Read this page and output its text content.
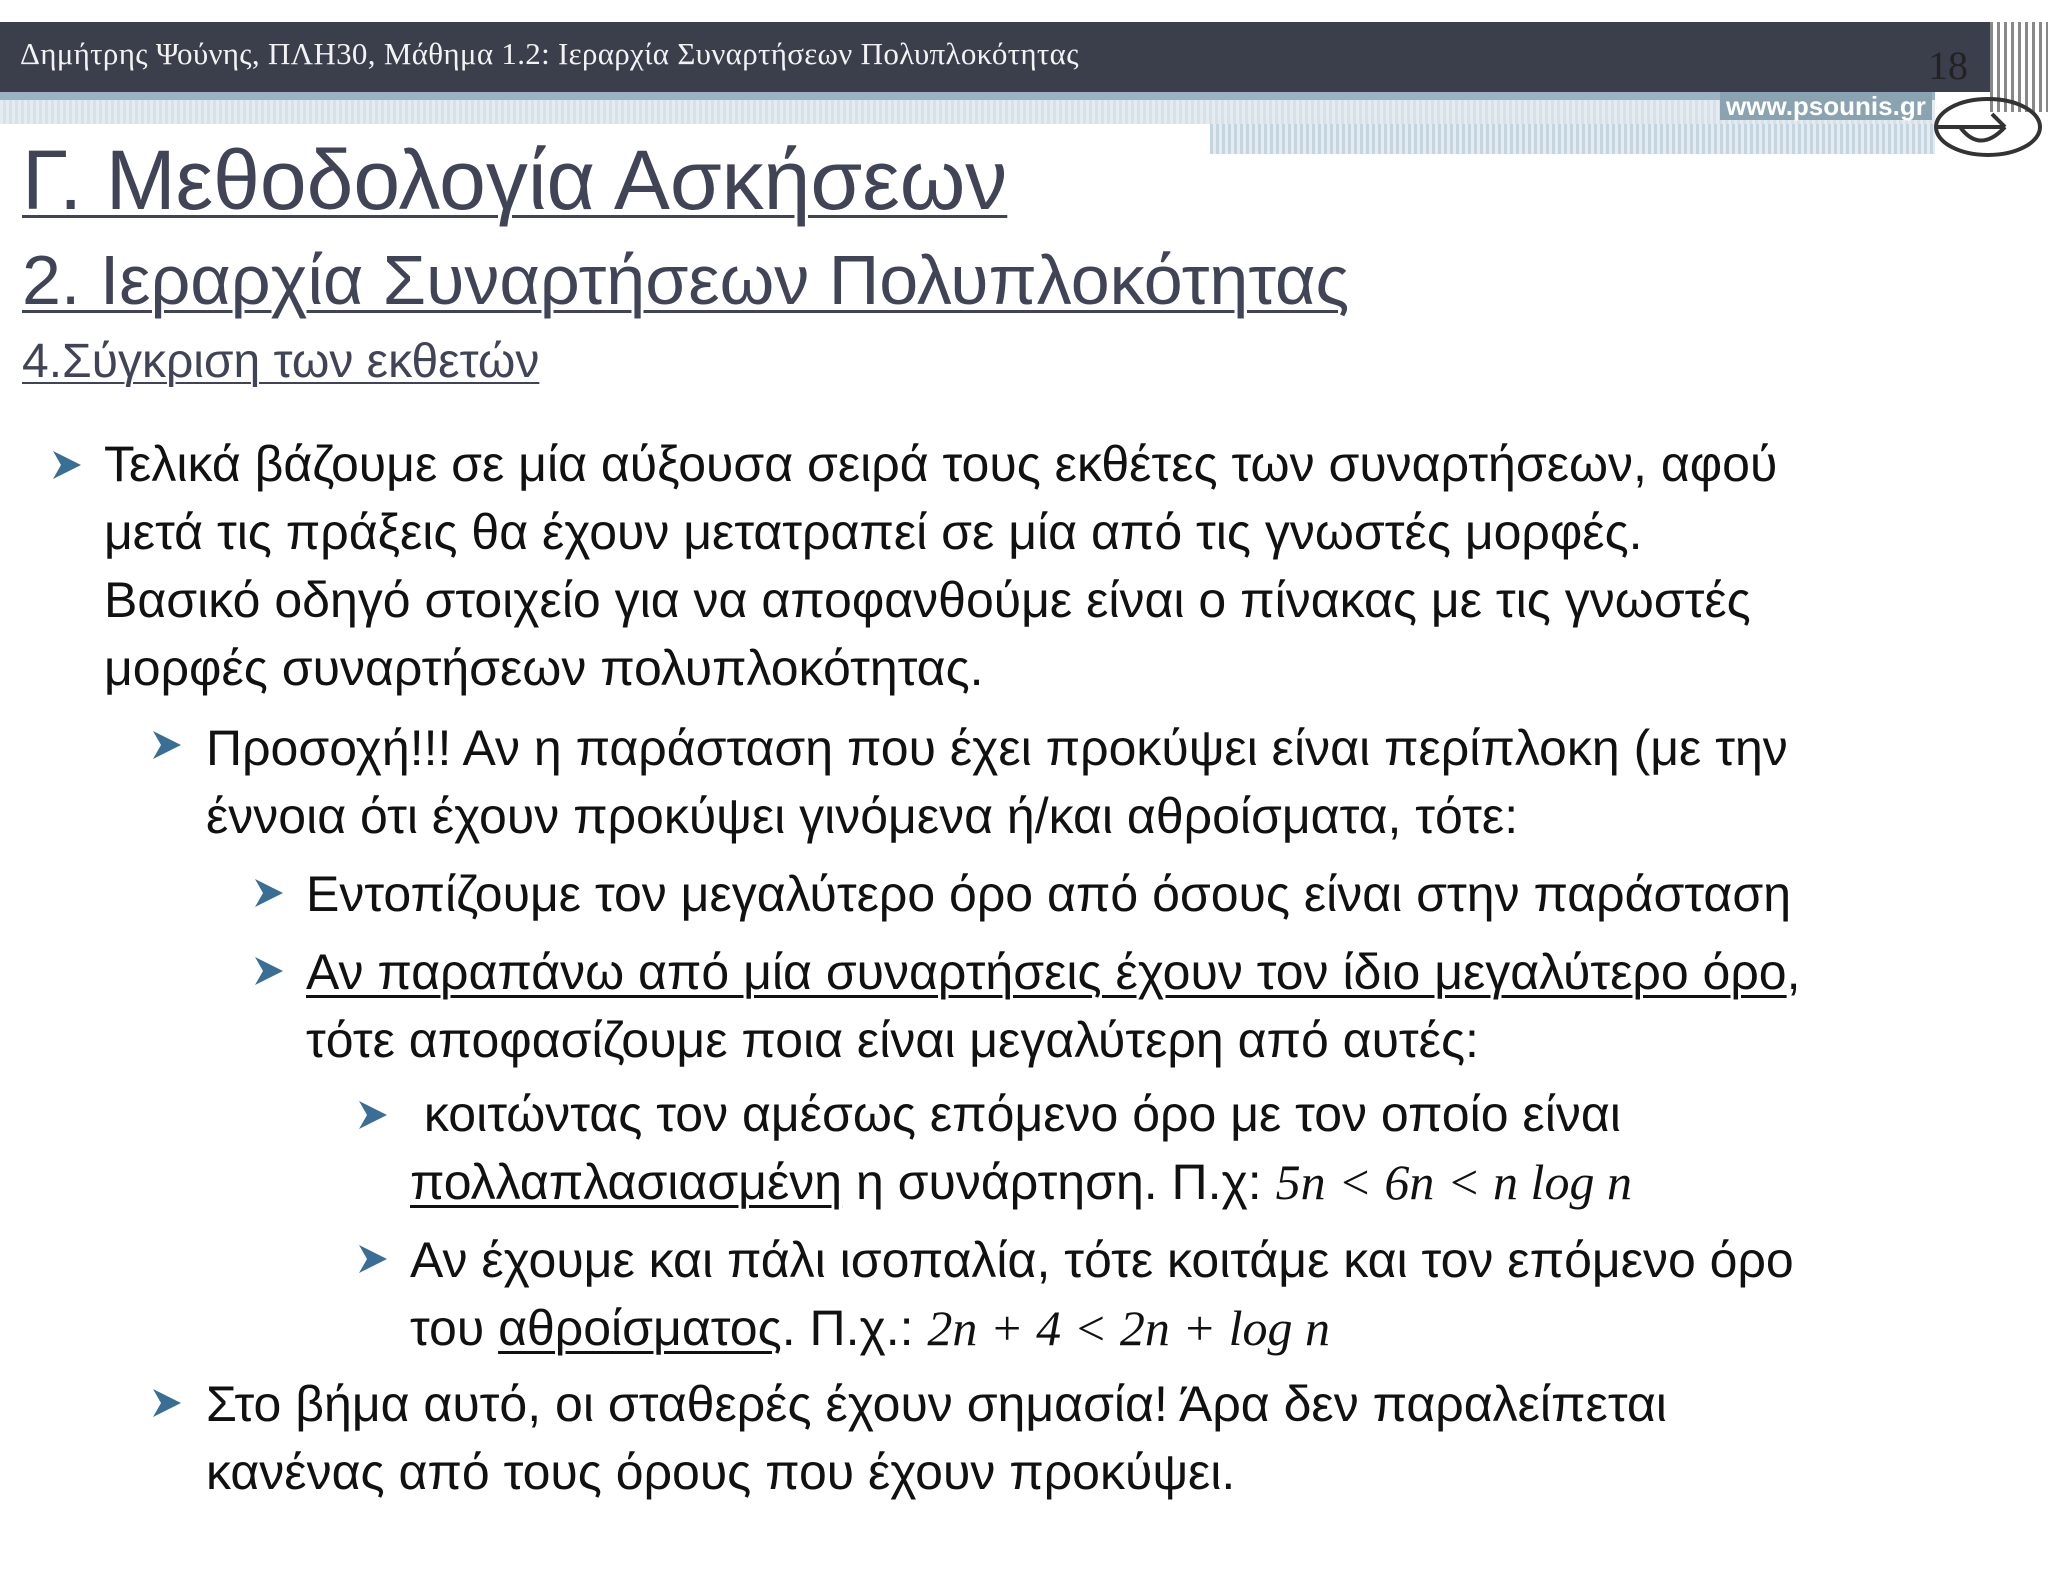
Δημήτρης Ψούνης, ΠΛΗ30, Μάθημα 1.2: Ιεραρχία Συναρτήσεων Πολυπλοκότητας	18
www.psounis.gr
Γ. Μεθοδολογία Ασκήσεων
2. Ιεραρχία Συναρτήσεων Πολυπλοκότητας
4.Σύγκριση των εκθετών
Τελικά βάζουμε σε μία αύξουσα σειρά τους εκθέτες των συναρτήσεων, αφού
μετά τις πράξεις θα έχουν μετατραπεί σε μία από τις γνωστές μορφές.
Βασικό οδηγό στοιχείο για να αποφανθούμε είναι ο πίνακας με τις γνωστές
μορφές συναρτήσεων πολυπλοκότητας.
Προσοχή!!! Αν η παράσταση που έχει προκύψει είναι περίπλοκη (με την
έννοια ότι έχουν προκύψει γινόμενα ή/και αθροίσματα, τότε:
Εντοπίζουμε τον μεγαλύτερο όρο από όσους είναι στην παράσταση
Αν παραπάνω από μία συναρτήσεις έχουν τον ίδιο μεγαλύτερο όρο,
τότε αποφασίζουμε ποια είναι μεγαλύτερη από αυτές:
κοιτώντας τον αμέσως επόμενο όρο με τον οποίο είναι
πολλαπλασιασμένη η συνάρτηση. Π.χ: 5n < 6n < n log n
Αν έχουμε και πάλι ισοπαλία, τότε κοιτάμε και τον επόμενο όρο
του αθροίσματος. Π.χ.: 2n + 4 < 2n + log n
Στο βήμα αυτό, οι σταθερές έχουν σημασία! Άρα δεν παραλείπεται
κανένας από τους όρους που έχουν προκύψει.
